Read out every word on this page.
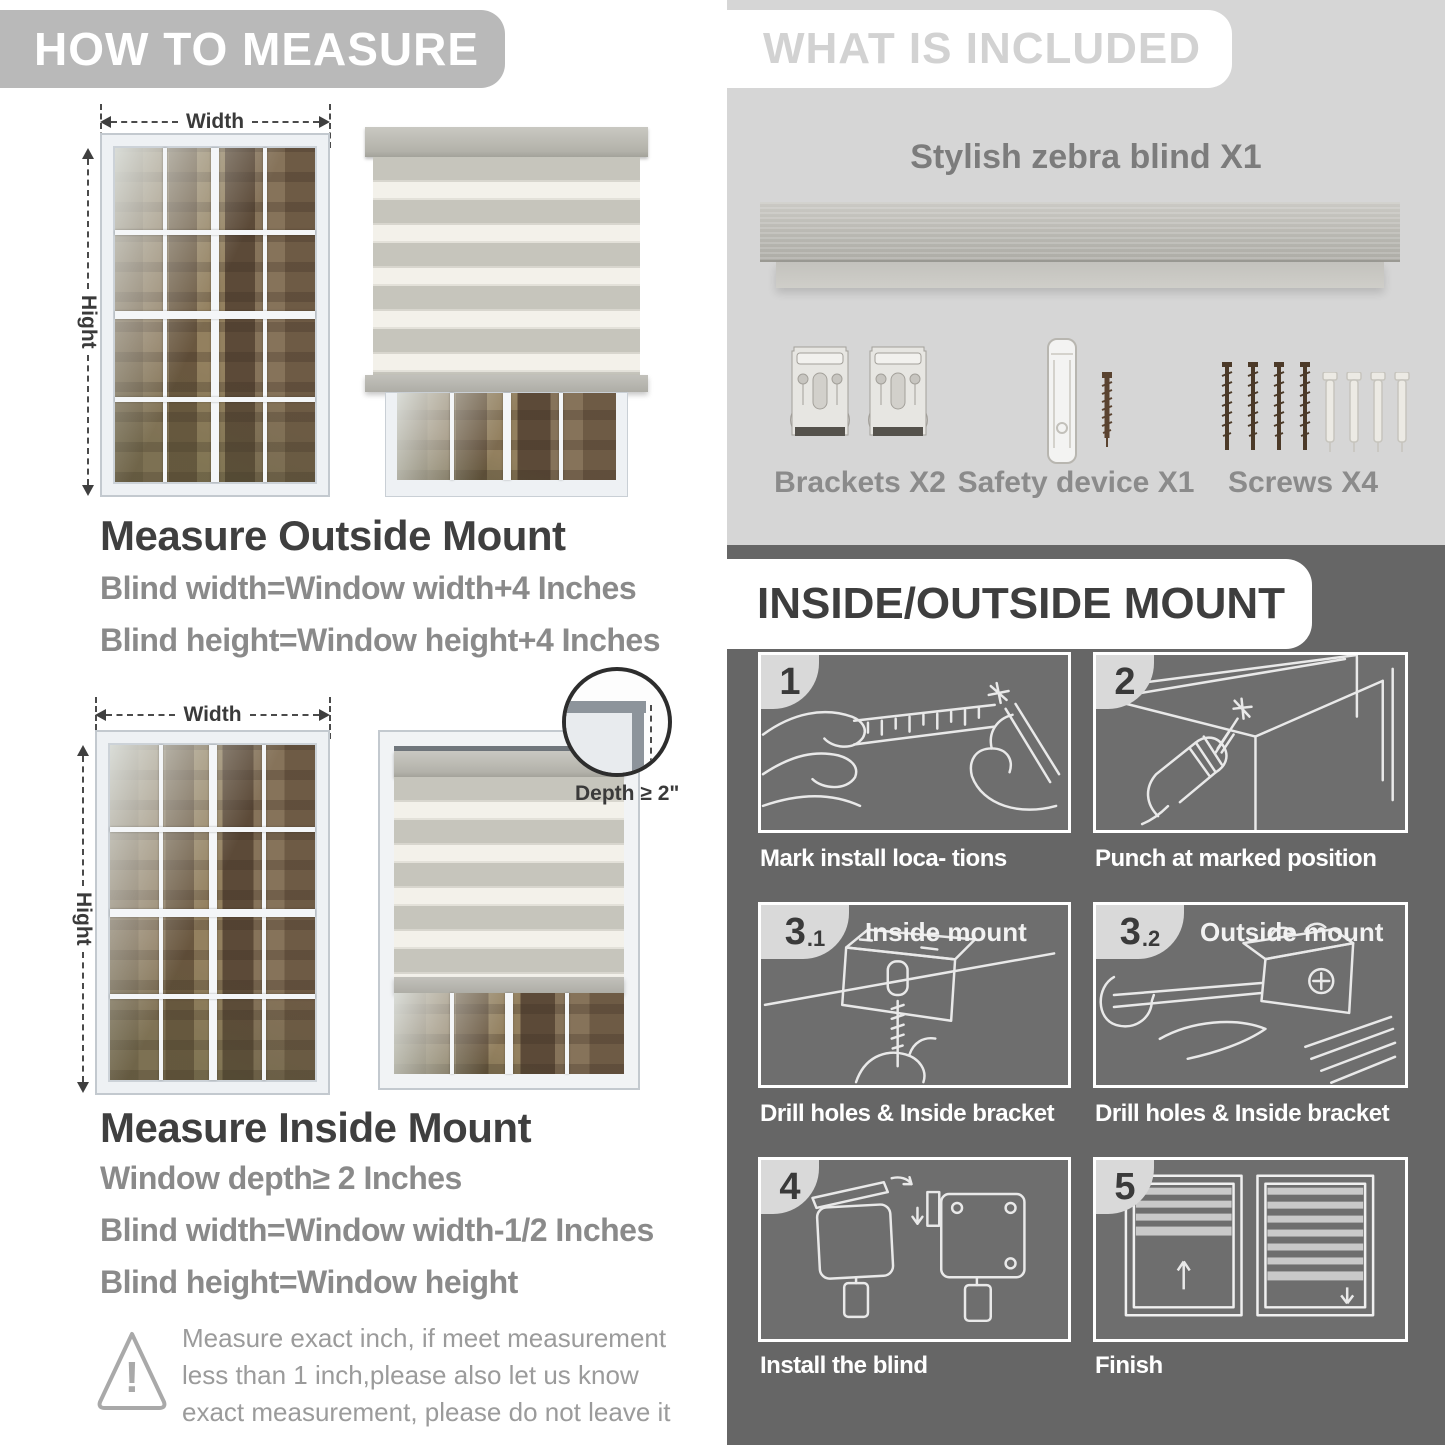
HOW TO MEASURE
Width
Hight
Measure Outside Mount
Blind width=Window width+4 Inches
Blind height=Window height+4 Inches
Width
Hight
Depth ≥ 2"
Measure Inside Mount
Window depth≥ 2 Inches
Blind width=Window width-1/2 Inches
Blind height=Window height
!
Measure exact inch, if meet measurement less than 1 inch,please also let us know exact measurement, please do not leave it
WHAT IS INCLUDED
Stylish zebra blind X1
Brackets X2 Safety device X1	Screws X4
INSIDE/OUTSIDE MOUNT
1
Mark install loca- tions
2
Punch at marked position
3 .1 Inside mount
Drill holes & Inside bracket
3 .2 Outside mount
Drill holes & Inside bracket
4
Install the blind
5
Finish
